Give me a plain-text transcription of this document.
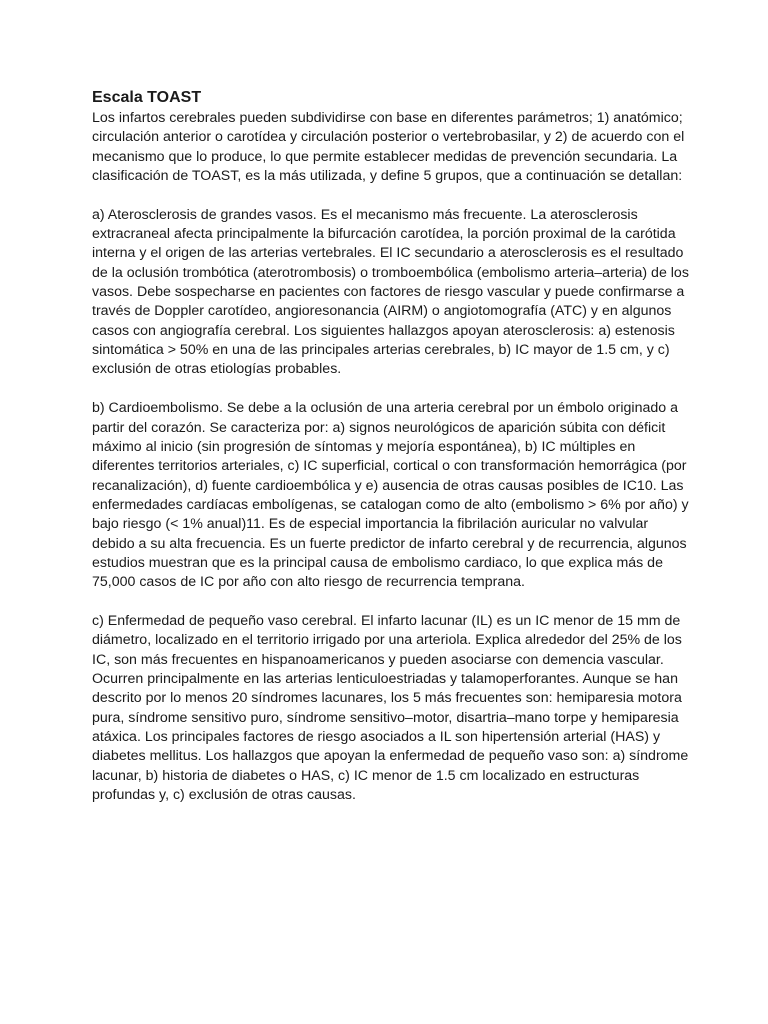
Escala TOAST

Los infartos cerebrales pueden subdividirse con base en diferentes parámetros; 1) anatómico; circulación anterior o carotídea y circulación posterior o vertebrobasilar, y 2) de acuerdo con el mecanismo que lo produce, lo que permite establecer medidas de prevención secundaria. La clasificación de TOAST, es la más utilizada, y define 5 grupos, que a continuación se detallan:

a) Aterosclerosis de grandes vasos. Es el mecanismo más frecuente. La aterosclerosis extracraneal afecta principalmente la bifurcación carotídea, la porción proximal de la carótida interna y el origen de las arterias vertebrales. El IC secundario a aterosclerosis es el resultado de la oclusión trombótica (aterotrombosis) o tromboembólica (embolismo arteria–arteria) de los vasos. Debe sospecharse en pacientes con factores de riesgo vascular y puede confirmarse a través de Doppler carotídeo, angioresonancia (AIRM) o angiotomografía (ATC) y en algunos casos con angiografía cerebral. Los siguientes hallazgos apoyan aterosclerosis: a) estenosis sintomática > 50% en una de las principales arterias cerebrales, b) IC mayor de 1.5 cm, y c) exclusión de otras etiologías probables.

b) Cardioembolismo. Se debe a la oclusión de una arteria cerebral por un émbolo originado a partir del corazón. Se caracteriza por: a) signos neurológicos de aparición súbita con déficit máximo al inicio (sin progresión de síntomas y mejoría espontánea), b) IC múltiples en diferentes territorios arteriales, c) IC superficial, cortical o con transformación hemorrágica (por recanalización), d) fuente cardioembólica y e) ausencia de otras causas posibles de IC10. Las enfermedades cardíacas embolígenas, se catalogan como de alto (embolismo > 6% por año) y bajo riesgo (< 1% anual)11. Es de especial importancia la fibrilación auricular no valvular debido a su alta frecuencia. Es un fuerte predictor de infarto cerebral y de recurrencia, algunos estudios muestran que es la principal causa de embolismo cardiaco, lo que explica más de 75,000 casos de IC por año con alto riesgo de recurrencia temprana.

c) Enfermedad de pequeño vaso cerebral. El infarto lacunar (IL) es un IC menor de 15 mm de diámetro, localizado en el territorio irrigado por una arteriola. Explica alrededor del 25% de los IC, son más frecuentes en hispanoamericanos y pueden asociarse con demencia vascular. Ocurren principalmente en las arterias lenticuloestriadas y talamoperforantes. Aunque se han descrito por lo menos 20 síndromes lacunares, los 5 más frecuentes son: hemiparesia motora pura, síndrome sensitivo puro, síndrome sensitivo–motor, disartria–mano torpe y hemiparesia atáxica. Los principales factores de riesgo asociados a IL son hipertensión arterial (HAS) y diabetes mellitus. Los hallazgos que apoyan la enfermedad de pequeño vaso son: a) síndrome lacunar, b) historia de diabetes o HAS, c) IC menor de 1.5 cm localizado en estructuras profundas y, c) exclusión de otras causas.
